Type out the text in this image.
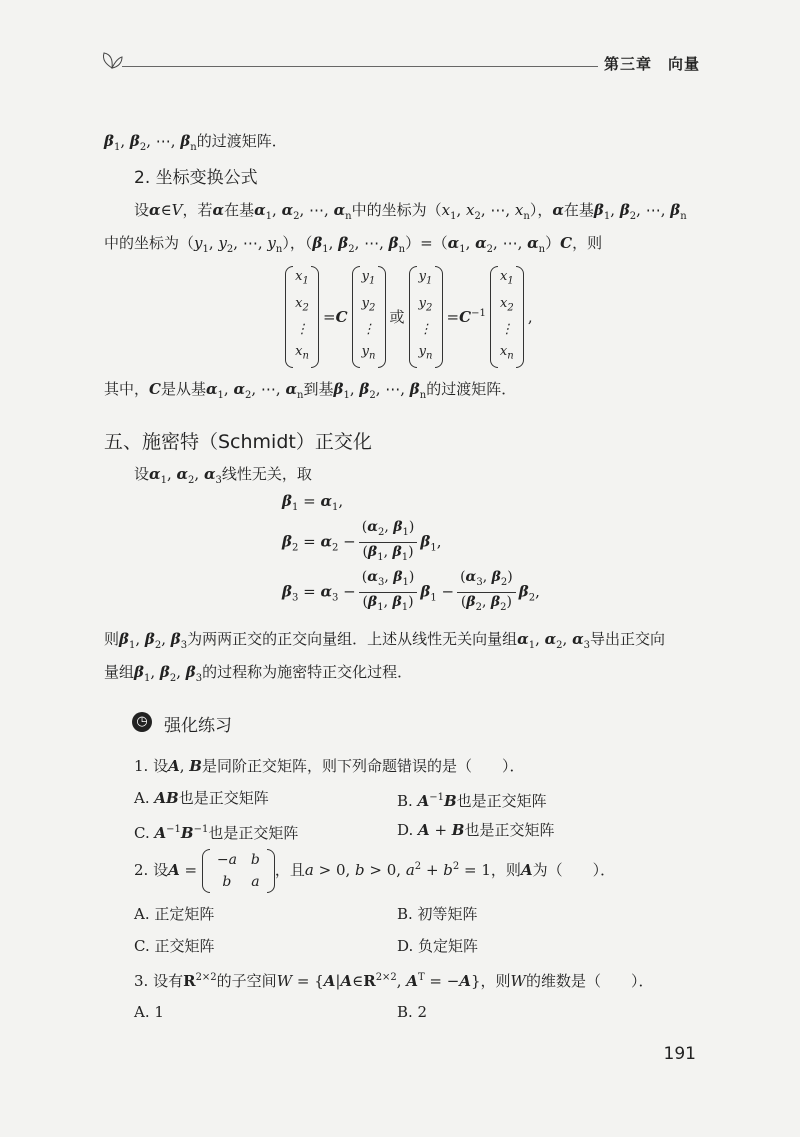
第三章　向量
$\beta_1$, $\beta_2$, ⋯, $\beta_n$的过渡矩阵．
2. 坐标变换公式
设α∈V，若α在基$\alpha_1$, $\alpha_2$, ⋯, $\alpha_n$中的坐标为（$x_1$, $x_2$, ⋯, $x_n$），α在基$\beta_1$, $\beta_2$, ⋯, $\beta_n$
中的坐标为（$y_1$, $y_2$, ⋯, $y_n$），（$\beta_1$, $\beta_2$, ⋯, $\beta_n)=(\alpha_1$, $\alpha_2$, ⋯, $\alpha_n)C$，则
$x_1$
$x_2$
⋮
$x_n$
=C
$y_1$
$y_2$
⋮
$y_n$
或
$y_1$
$y_2$
⋮
$y_n$
$=C^{-1}$
$x_1$
$x_2$
⋮
$x_n$
,
其中，C是从基$\alpha_1$, $\alpha_2$, ⋯, $\alpha_n$到基$\beta_1$, $\beta_2$, ⋯, $\beta_n$的过渡矩阵．
五、施密特（Schmidt）正交化
设$\alpha_1$, $\alpha_2$, $\alpha_3$线性无关，取
$\beta_1 = \alpha_1$,
$\beta_2 = \alpha_2 - \frac{(\alpha_2, \beta_1)}{(\beta_1, \beta_1)} \beta_1$,
$\beta_3 = \alpha_3 - \frac{(\alpha_3, \beta_1)}{(\beta_1, \beta_1)} \beta_1 - \frac{(\alpha_3, \beta_2)}{(\beta_2, \beta_2)} \beta_2$,
则$\beta_1$, $\beta_2$, $\beta_3$为两两正交的正交向量组．上述从线性无关向量组$\alpha_1$, $\alpha_2$, $\alpha_3$导出正交向
量组$\beta_1$, $\beta_2$, $\beta_3$的过程称为施密特正交化过程．
◷ 强化练习
1. 设A, B是同阶正交矩阵，则下列命题错误的是（　　）．
A. AB也是正交矩阵	B. $A^{-1}B$也是正交矩阵
C. $A^{-1}B^{-1}$也是正交矩阵	D. A + B也是正交矩阵
2. 设A =
−a	b
b	a
，且a > 0, b > 0, $a^2 + b^2 = 1$，则A为（　　）．
A. 正定矩阵	B. 初等矩阵
C. 正交矩阵	D. 负定矩阵
3. 设有$R^{2\times 2}$的子空间$W = \{A|A\in R^{2\times 2}$, $A^T = -A$}，则W的维数是（　　）．
A. 1	B. 2
191
